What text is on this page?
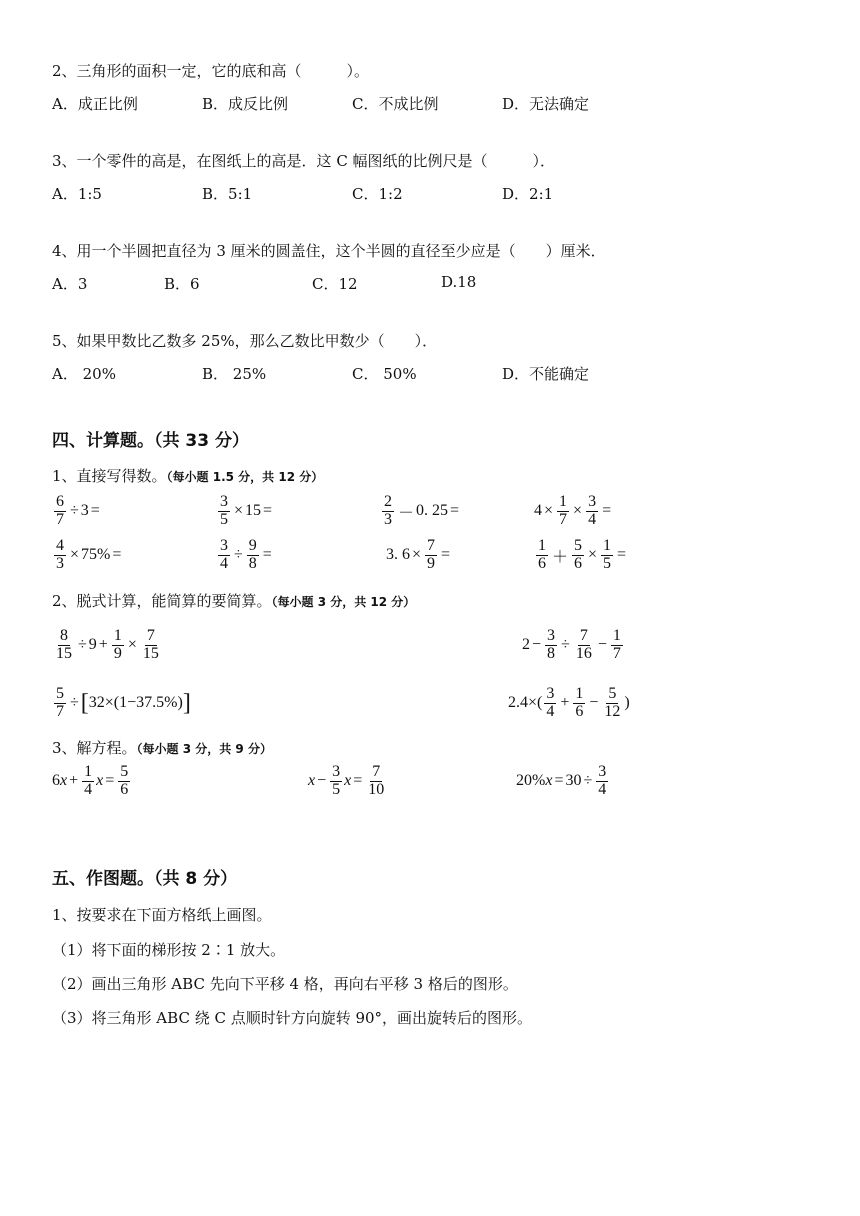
2、三角形的面积一定，它的底和高（　　　）。
A．成正比例	B．成反比例	C．不成比例	D．无法确定
3、一个零件的高是，在图纸上的高是．这 C 幅图纸的比例尺是（　　　）．
A．1:5	B．5:1	C．1:2	D．2:1
4、用一个半圆把直径为 3 厘米的圆盖住，这个半圆的直径至少应是（　　）厘米．
A．3	B．6	C．12	D.18
5、如果甲数比乙数多 25%，那么乙数比甲数少（　　）．
A． 20%	B． 25%	C． 50%	D．不能确定
四、计算题。（共 33 分）
1、直接写得数。（每小题 1.5 分，共 12 分）
$\frac{6}{7} \div 3$ =	$\frac{3}{5} \times 15$ =	$\frac{2}{3} - 0$. 25 =	$4 \times \frac{1}{7} \times \frac{3}{4}$ =
$\frac{4}{3} \times 75\%$ =	$\frac{3}{4} \div \frac{9}{8}$ =	3. $6 \times \frac{7}{9}$ =	$\frac{1}{6} + \frac{5}{6} \times \frac{1}{5}$ =
2、脱式计算，能简算的要简算。（每小题 3 分，共 12 分）
$\frac{8}{15} \div 9 + \frac{1}{9} \times \frac{7}{15}$	$2 - \frac{3}{8} \div \frac{7}{16} - \frac{1}{7}$
$\frac{5}{7}$ ÷ [ 32×(1−37.5%) ]	$2.4\times( \frac{3}{4} + \frac{1}{6} - \frac{5}{12}$ )
3、解方程。（每小题 3 分，共 9 分）
6 $x + \frac{1}{4}$ $x = \frac{5}{6}$	$x - \frac{3}{5}$ $x = \frac{7}{10}$	20% $x = 30 \div \frac{3}{4}$
五、作图题。（共 8 分）
1、按要求在下面方格纸上画图。
（1）将下面的梯形按 2∶1 放大。
（2）画出三角形 ABC 先向下平移 4 格，再向右平移 3 格后的图形。
（3）将三角形 ABC 绕 C 点顺时针方向旋转 90°，画出旋转后的图形。
